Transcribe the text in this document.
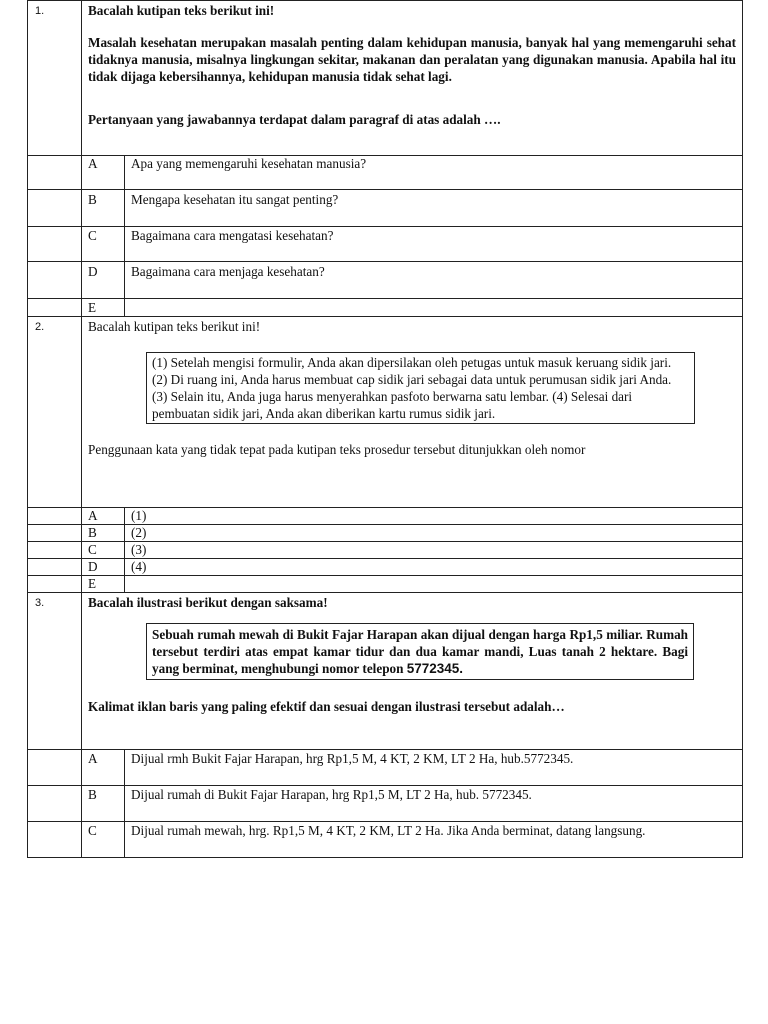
1.	Bacalah kutipan teks berikut ini!
Masalah kesehatan merupakan masalah penting dalam kehidupan manusia, banyak hal yang memengaruhi sehat tidaknya manusia, misalnya lingkungan sekitar, makanan dan peralatan yang digunakan manusia. Apabila hal itu tidak dijaga kebersihannya, kehidupan manusia tidak sehat lagi.
Pertanyaan yang jawabannya terdapat dalam paragraf di atas adalah ….	

	A	Apa yang memengaruhi kesehatan manusia?
	B	Mengapa kesehatan itu sangat penting?
	C	Bagaimana cara mengatasi kesehatan?
	D	Bagaimana cara menjaga kesehatan?
	E	
2.	Bacalah kutipan teks berikut ini!
(1) Setelah mengisi formulir, Anda akan dipersilakan oleh petugas untuk masuk keruang sidik jari. (2) Di ruang ini, Anda harus membuat cap sidik jari sebagai data untuk perumusan sidik jari Anda. (3) Selain itu, Anda juga harus menyerahkan pasfoto berwarna satu lembar. (4) Selesai dari pembuatan sidik jari, Anda akan diberikan kartu rumus sidik jari.
Penggunaan kata yang tidak tepat pada kutipan teks prosedur tersebut ditunjukkan oleh nomor	

	A	(1)
	B	(2)
	C	(3)
	D	(4)
	E	
3.	Bacalah ilustrasi berikut dengan saksama!
Sebuah rumah mewah di Bukit Fajar Harapan akan dijual dengan harga Rp1,5 miliar. Rumah tersebut terdiri atas empat kamar tidur dan dua kamar mandi, Luas tanah 2 hektare. Bagi yang berminat, menghubungi nomor telepon 5772345.
Kalimat iklan baris yang paling efektif dan sesuai dengan ilustrasi tersebut adalah…	

	A	Dijual rmh Bukit Fajar Harapan, hrg Rp1,5 M, 4 KT, 2 KM, LT 2 Ha, hub.5772345.
	B	Dijual rumah di Bukit Fajar Harapan, hrg Rp1,5 M, LT 2 Ha, hub. 5772345.
	C	Dijual rumah mewah, hrg. Rp1,5 M, 4 KT, 2 KM, LT 2 Ha. Jika Anda berminat, datang langsung.
